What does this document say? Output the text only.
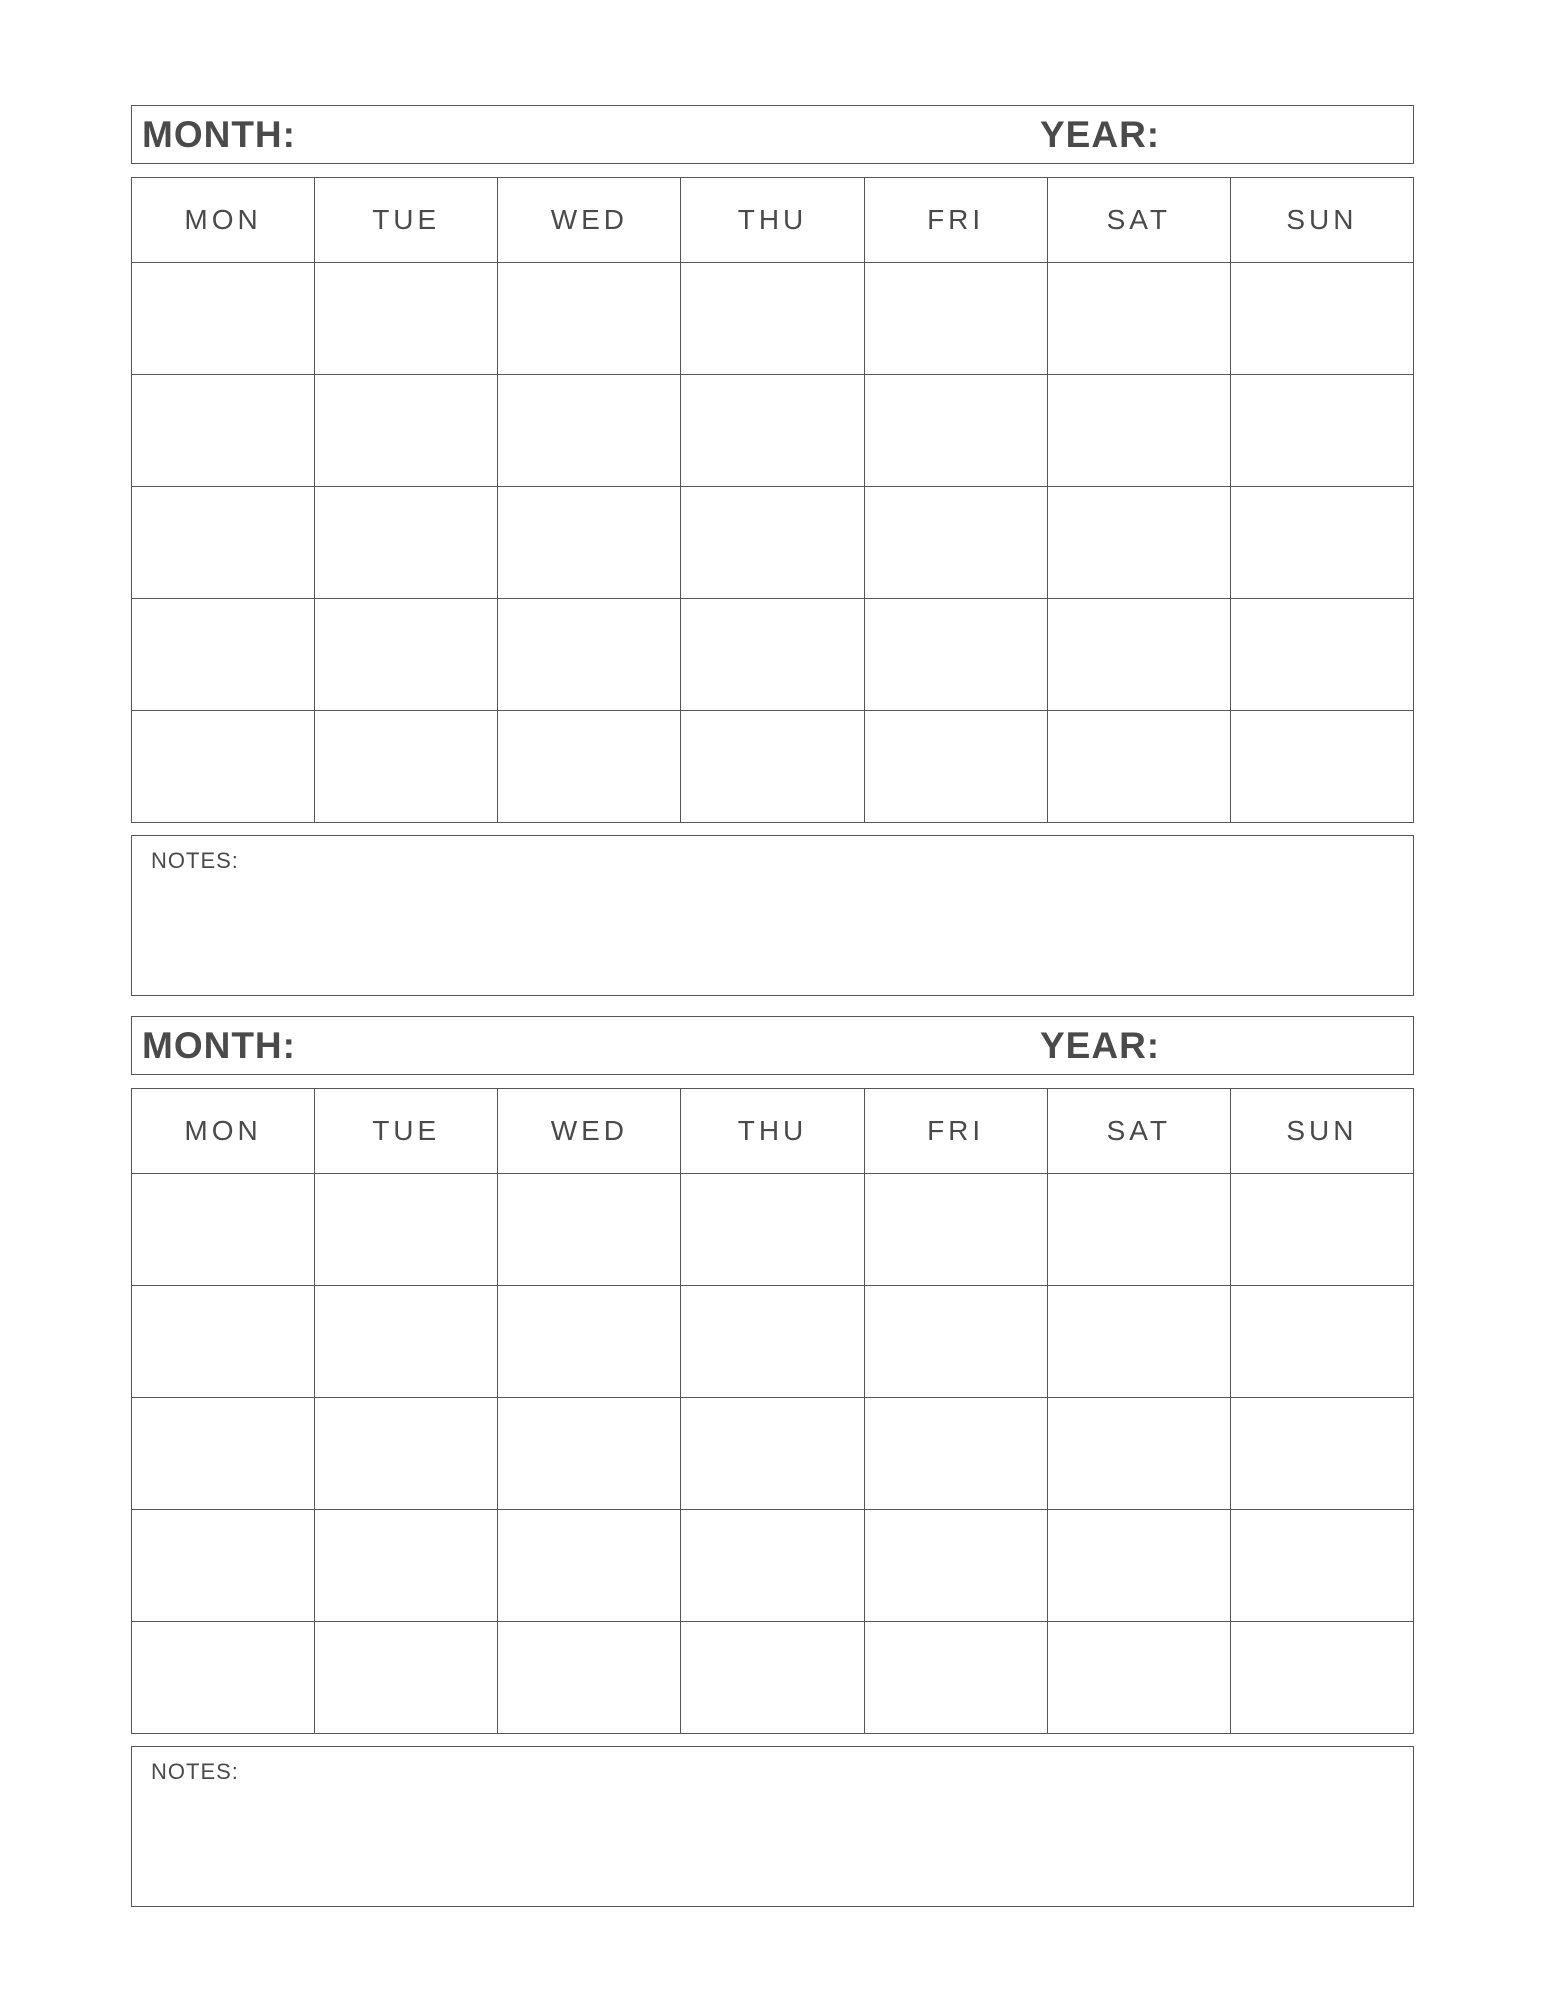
MONTH:	YEAR:
MON	TUE	WED	THU	FRI	SAT	SUN

NOTES:
MONTH:	YEAR:
MON	TUE	WED	THU	FRI	SAT	SUN

NOTES:
